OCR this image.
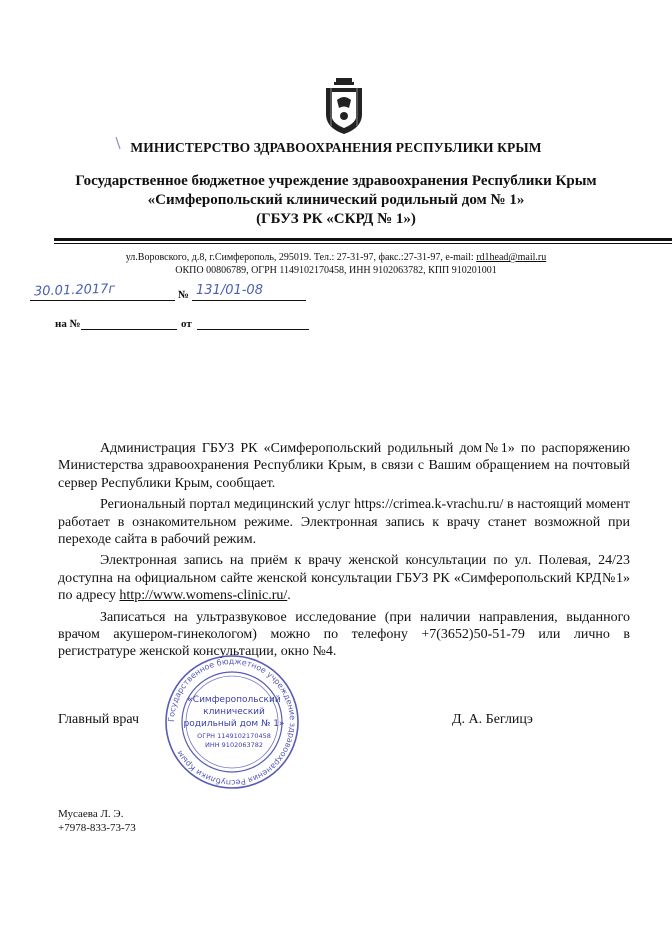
МИНИСТЕРСТВО ЗДРАВООХРАНЕНИЯ РЕСПУБЛИКИ КРЫМ
Государственное бюджетное учреждение здравоохранения Республики Крым
«Симферопольский клинический родильный дом № 1»
(ГБУЗ РК «СКРД № 1»)
ул.Воровского, д.8, г.Симферополь, 295019. Тел.: 27-31-97, факс.:27-31-97, e-mail: rd1head@mail.ru
ОКПО 00806789, ОГРН 1149102170458, ИНН 9102063782, КПП 910201001
30.01.2017г	№ 131/01-08
на №	от

Администрация ГБУЗ РК «Симферопольский родильный дом№1» по распоряжению Министерства здравоохранения Республики Крым, в связи с Вашим обращением на почтовый сервер Республики Крым, сообщает.

Региональный портал медицинский услуг https://crimea.k-vrachu.ru/ в настоящий момент работает в ознакомительном режиме. Электронная запись к врачу станет возможной при переходе сайта в рабочий режим.

Электронная запись на приём к врачу женской консультации по ул. Полевая, 24/23 доступна на официальном сайте женской консультации ГБУЗ РК «Симферопольский КРД№1» по адресу http://www.womens-clinic.ru/.

Записаться на ультразвуковое исследование (при наличии направления, выданного врачом акушером-гинекологом) можно по телефону +7(3652)50-51-79 или лично в регистратуре женской консультации, окно №4.

Главный врач	Д. А. Беглицэ
Государственное бюджетное учреждение здравоохранения Республики Крым
«Симферопольский
клинический
родильный дом № 1»
ОГРН 1149102170458
ИНН 9102063782
Мусаева Л. Э.
+7978-833-73-73
